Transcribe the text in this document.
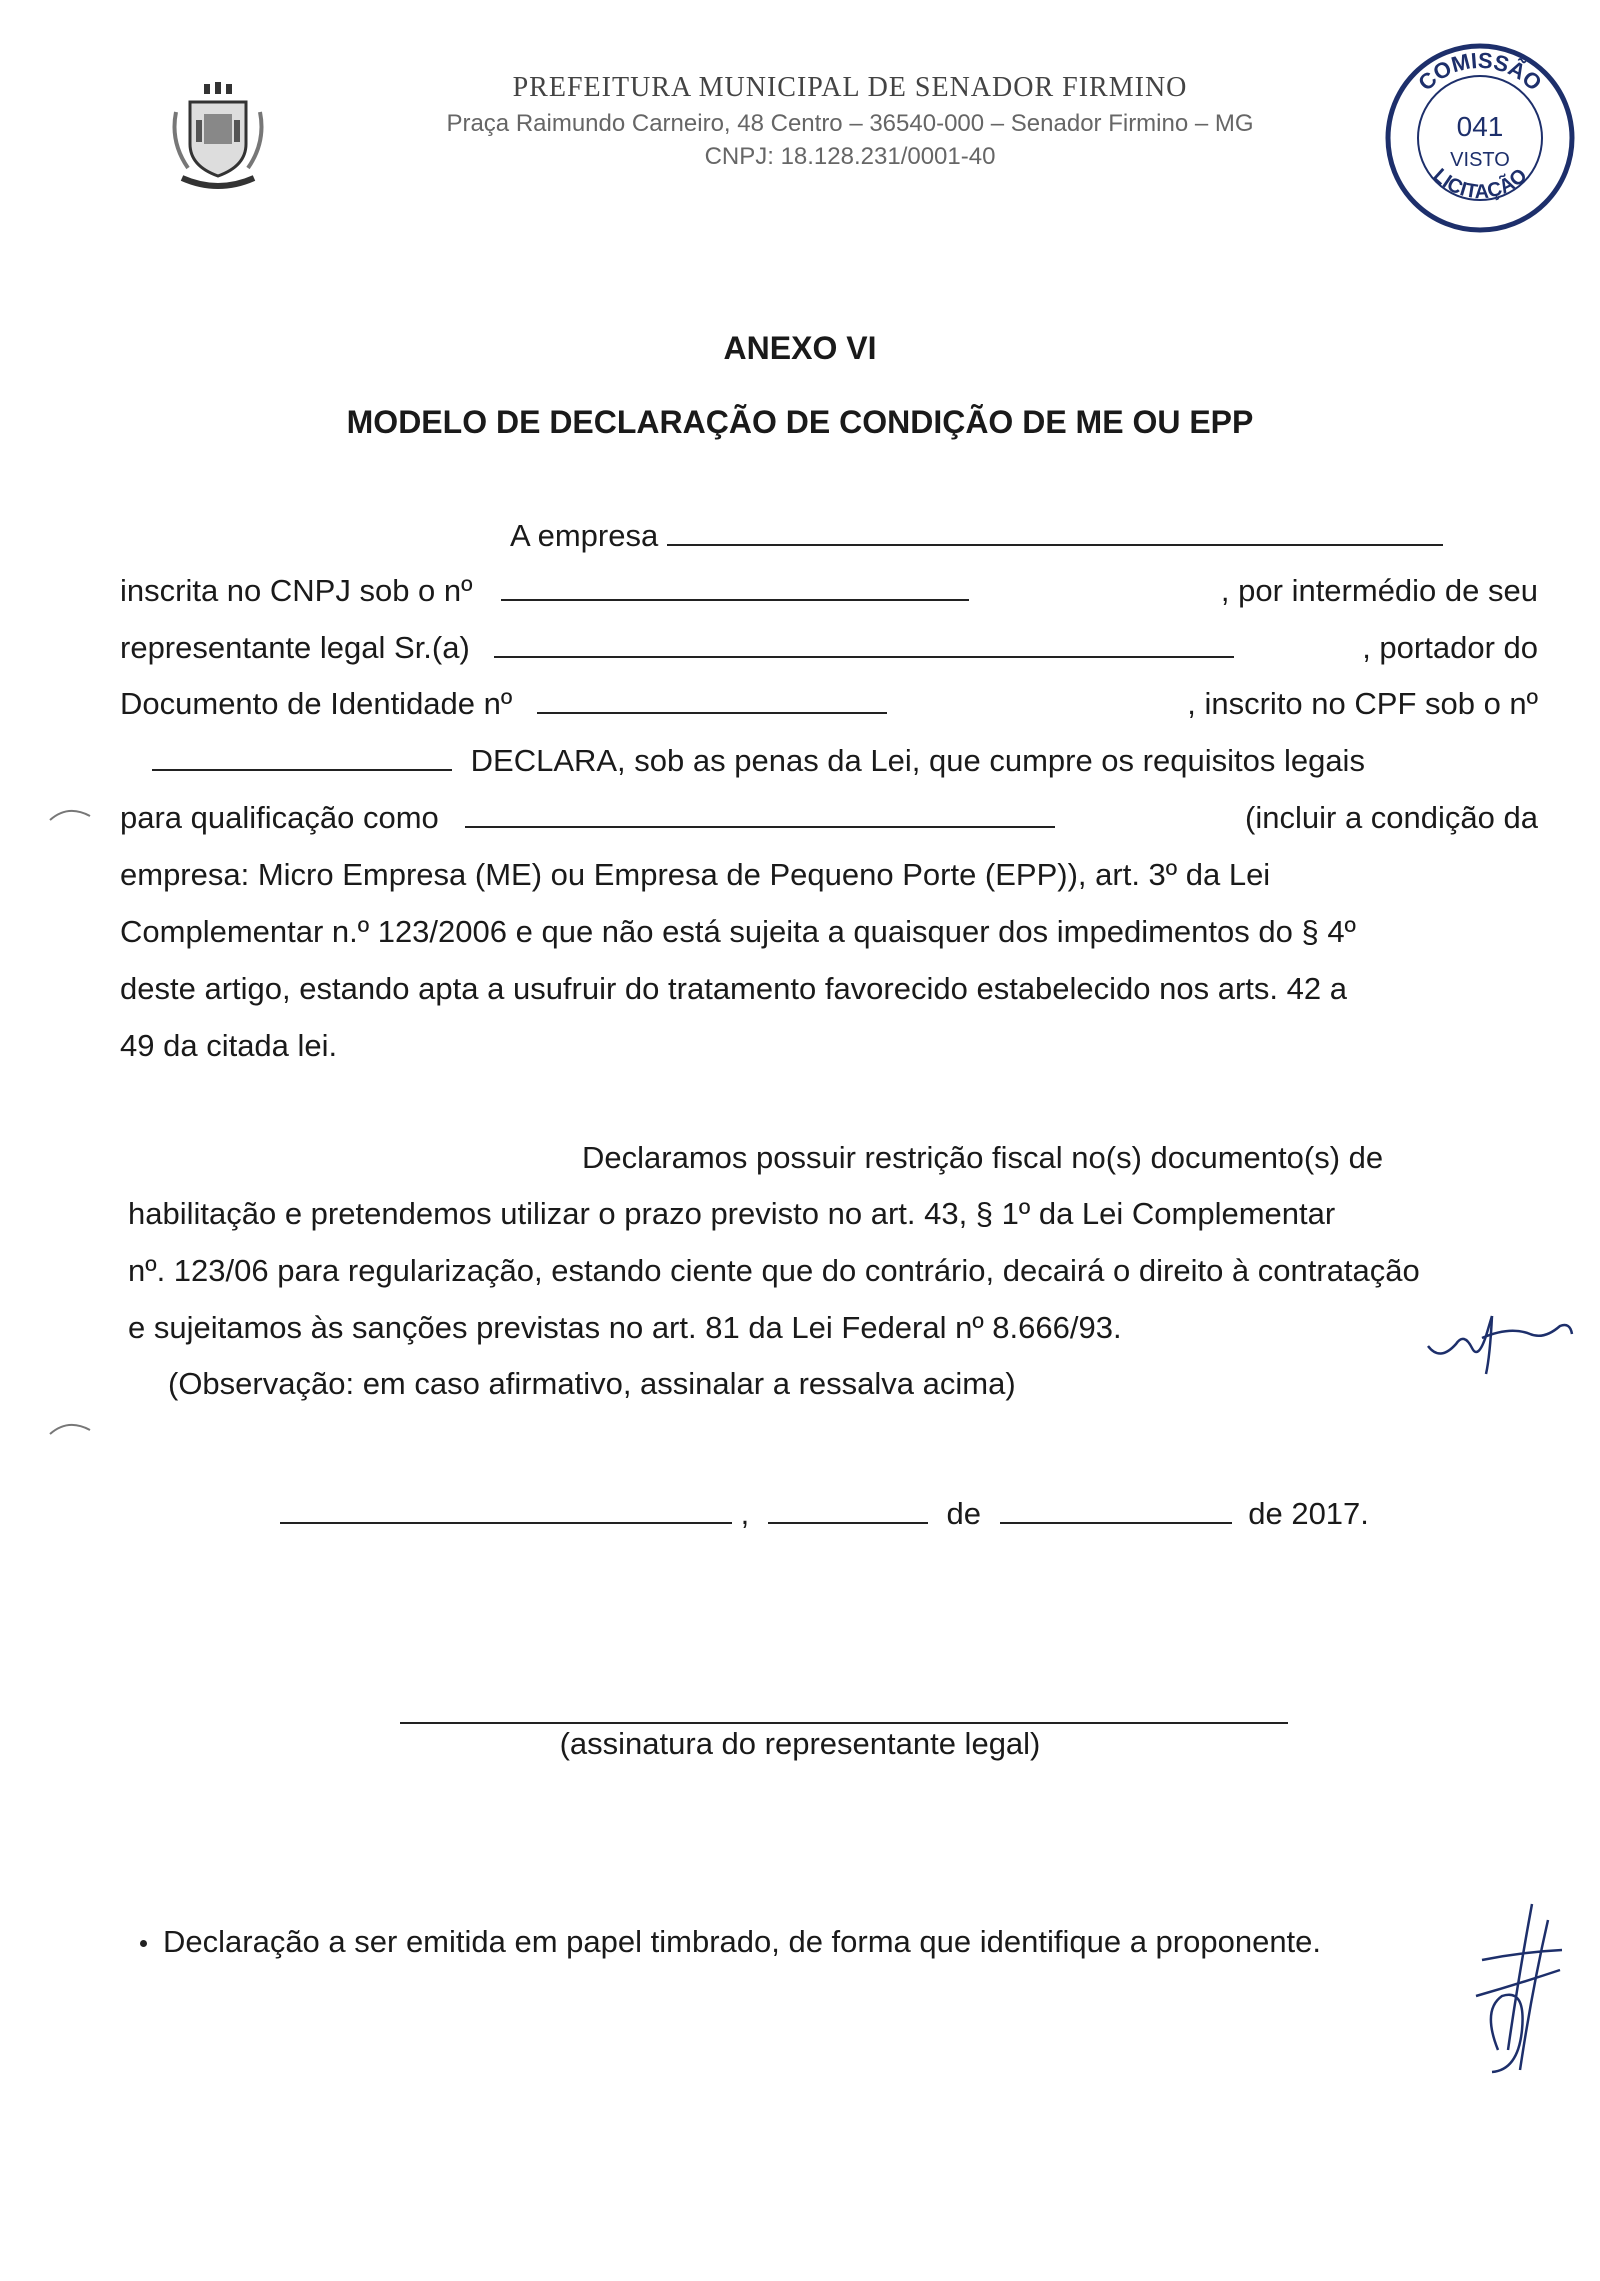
PREFEITURA MUNICIPAL DE SENADOR FIRMINO
Praça Raimundo Carneiro, 48 Centro – 36540-000 – Senador Firmino – MG
CNPJ: 18.128.231/0001-40
COMISSÃO
LICITAÇÃO
041
VISTO
ANEXO VI
MODELO DE DECLARAÇÃO DE CONDIÇÃO DE ME OU EPP
A empresa
inscrita no CNPJ sob o nº	, por intermédio de seu
representante legal Sr.(a)	, portador do
Documento de Identidade nº	, inscrito no CPF sob o nº
DECLARA, sob as penas da Lei, que cumpre os requisitos legais
para qualificação como	(incluir a condição da
empresa: Micro Empresa (ME) ou Empresa de Pequeno Porte (EPP)), art. 3º da Lei
Complementar n.º 123/2006 e que não está sujeita a quaisquer dos impedimentos do § 4º
deste artigo, estando apta a usufruir do tratamento favorecido estabelecido nos arts. 42 a
49 da citada lei.
Declaramos possuir restrição fiscal no(s) documento(s) de
habilitação e pretendemos utilizar o prazo previsto no art. 43, § 1º da Lei Complementar
nº. 123/06 para regularização, estando ciente que do contrário, decairá o direito à contratação
e sujeitamos às sanções previstas no art. 81 da Lei Federal nº 8.666/93.
(Observação: em caso afirmativo, assinalar a ressalva acima)
,	de	de 2017.
(assinatura do representante legal)
Declaração a ser emitida em papel timbrado, de forma que identifique a proponente.
